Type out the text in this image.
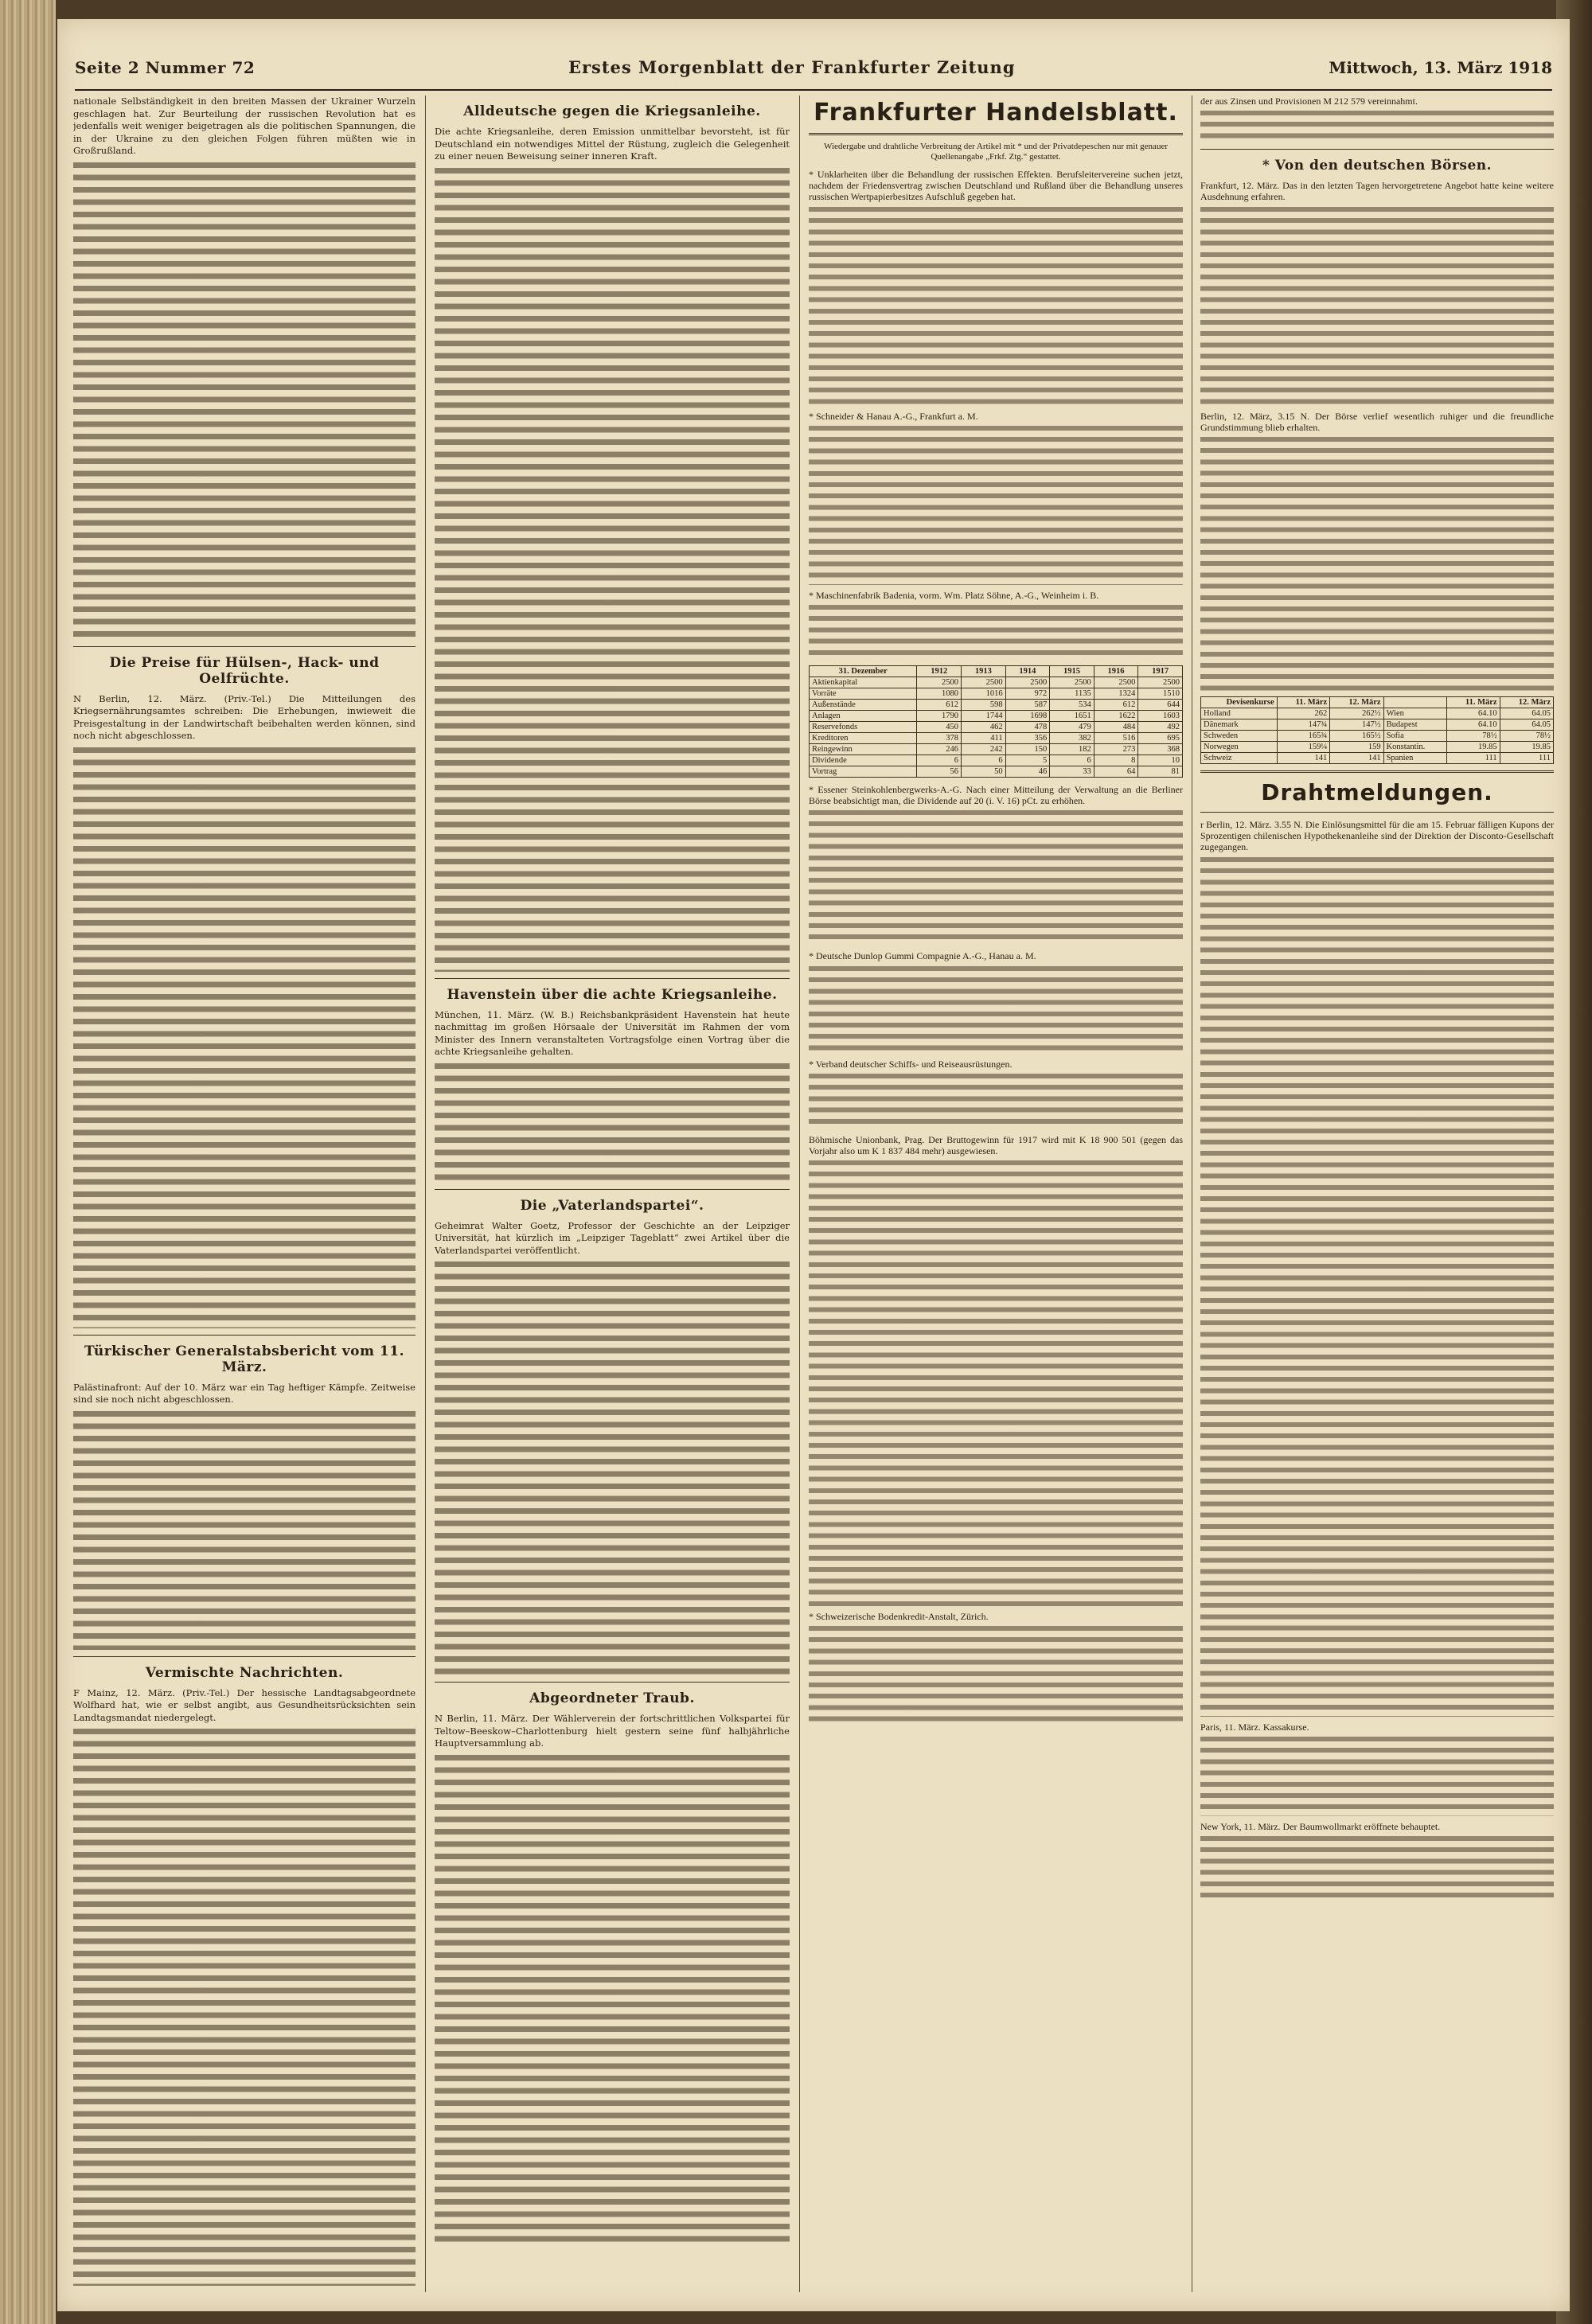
Seite 2 Nummer 72	Erstes Morgenblatt der Frankfurter Zeitung	Mittwoch, 13. März 1918

nationale Selbständigkeit in den breiten Massen der Ukrainer Wurzeln geschlagen hat. Zur Beurteilung der russischen Revolution hat es jedenfalls weit weniger beigetragen als die politischen Spannungen, die in der Ukraine zu den gleichen Folgen führen müßten wie in Großrußland.

Die Preise für Hülsen-, Hack- und Oelfrüchte.

N Berlin, 12. März. (Priv.-Tel.) Die Mitteilungen des Kriegsernährungsamtes schreiben: Die Erhebungen, inwieweit die Preisgestaltung in der Landwirtschaft beibehalten werden können, sind noch nicht abgeschlossen.

Türkischer Generalstabsbericht vom 11. März.

Palästinafront: Auf der 10. März war ein Tag heftiger Kämpfe. Zeitweise sind sie noch nicht abgeschlossen.

Vermischte Nachrichten.

F Mainz, 12. März. (Priv.-Tel.) Der hessische Landtagsabgeordnete Wolfhard hat, wie er selbst angibt, aus Gesundheitsrücksichten sein Landtagsmandat niedergelegt.

Alldeutsche gegen die Kriegsanleihe.

Die achte Kriegsanleihe, deren Emission unmittelbar bevorsteht, ist für Deutschland ein notwendiges Mittel der Rüstung, zugleich die Gelegenheit zu einer neuen Beweisung seiner inneren Kraft.

Havenstein über die achte Kriegsanleihe.

München, 11. März. (W. B.) Reichsbankpräsident Havenstein hat heute nachmittag im großen Hörsaale der Universität im Rahmen der vom Minister des Innern veranstalteten Vortragsfolge einen Vortrag über die achte Kriegsanleihe gehalten.

Die „Vaterlandspartei“.

Geheimrat Walter Goetz, Professor der Geschichte an der Leipziger Universität, hat kürzlich im „Leipziger Tageblatt“ zwei Artikel über die Vaterlandspartei veröffentlicht.

Abgeordneter Traub.

N Berlin, 11. März. Der Wählerverein der fortschrittlichen Volkspartei für Teltow–Beeskow–Charlottenburg hielt gestern seine fünf halbjährliche Hauptversammlung ab.

Frankfurter Handelsblatt.
Wiedergabe und drahtliche Verbreitung der Artikel mit * und der Privatdepeschen nur mit genauer Quellenangabe „Frkf. Ztg.“ gestattet.

* Unklarheiten über die Behandlung der russischen Effekten. Berufsleitervereine suchen jetzt, nachdem der Friedensvertrag zwischen Deutschland und Rußland über die Behandlung unseres russischen Wertpapierbesitzes Aufschluß gegeben hat.

* Schneider & Hanau A.-G., Frankfurt a. M.

* Maschinenfabrik Badenia, vorm. Wm. Platz Söhne, A.-G., Weinheim i. B.

31. Dezember	1912	1913	1914	1915	1916	1917
Aktienkapital	2500	2500	2500	2500	2500	2500
Vorräte	1080	1016	972	1135	1324	1510
Außenstände	612	598	587	534	612	644
Anlagen	1790	1744	1698	1651	1622	1603
Reservefonds	450	462	478	479	484	492
Kreditoren	378	411	356	382	516	695
Reingewinn	246	242	150	182	273	368
Dividende	6	6	5	6	8	10
Vortrag	56	50	46	33	64	81

* Essener Steinkohlenbergwerks-A.-G. Nach einer Mitteilung der Verwaltung an die Berliner Börse beabsichtigt man, die Dividende auf 20 (i. V. 16) pCt. zu erhöhen.

* Deutsche Dunlop Gummi Compagnie A.-G., Hanau a. M.

* Verband deutscher Schiffs- und Reiseausrüstungen.

Böhmische Unionbank, Prag. Der Bruttogewinn für 1917 wird mit K 18 900 501 (gegen das Vorjahr also um K 1 837 484 mehr) ausgewiesen.

* Schweizerische Bodenkredit-Anstalt, Zürich.

der aus Zinsen und Provisionen M 212 579 vereinnahmt.

* Von den deutschen Börsen.

Frankfurt, 12. März. Das in den letzten Tagen hervorgetretene Angebot hatte keine weitere Ausdehnung erfahren.

Berlin, 12. März, 3.15 N. Der Börse verlief wesentlich ruhiger und die freundliche Grundstimmung blieb erhalten.

Devisenkurse	11. März	12. März		11. März	12. März
Holland	262	262½	Wien	64.10	64.05
Dänemark	147¾	147½	Budapest	64.10	64.05
Schweden	165¾	165½	Sofia	78½	78½
Norwegen	159¼	159	Konstantin.	19.85	19.85
Schweiz	141	141	Spanien	111	111
Drahtmeldungen.

r Berlin, 12. März. 3.55 N. Die Einlösungsmittel für die am 15. Februar fälligen Kupons der Sprozentigen chilenischen Hypothekenanleihe sind der Direktion der Disconto-Gesellschaft zugegangen.

Paris, 11. März. Kassakurse.

New York, 11. März. Der Baumwollmarkt eröffnete behauptet.
